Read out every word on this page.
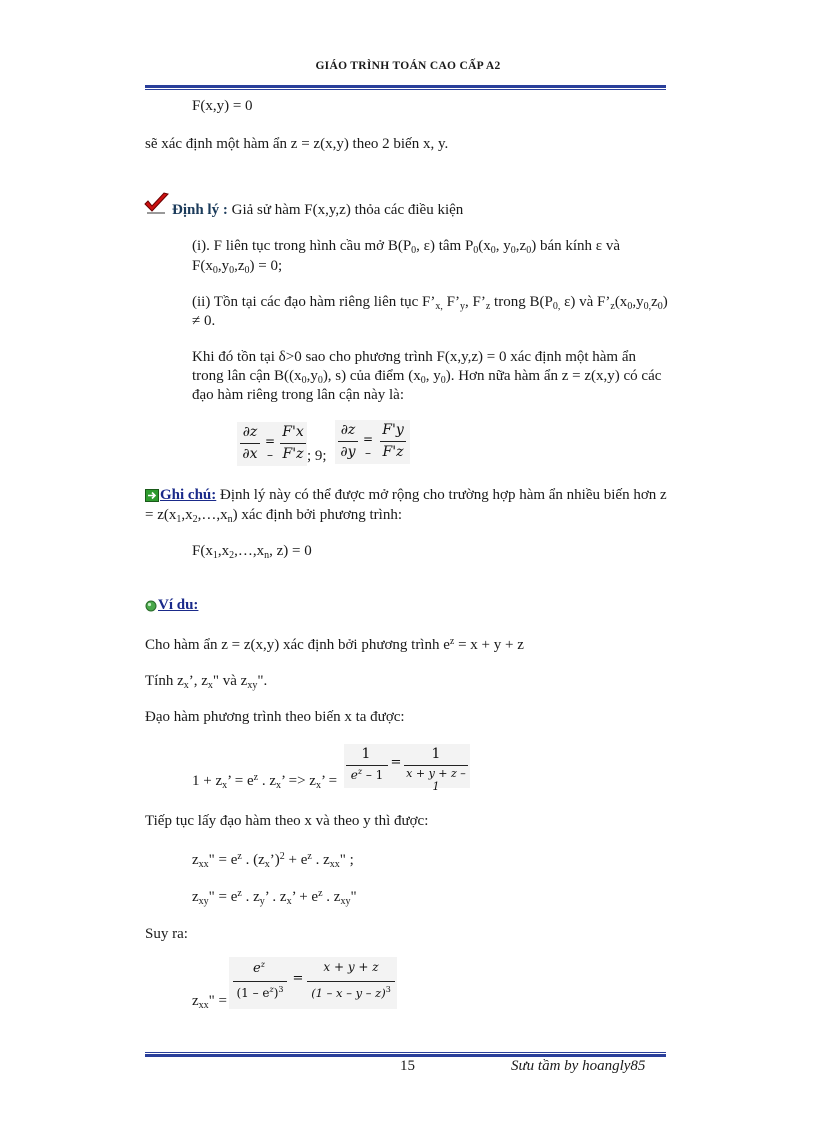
GIÁO TRÌNH TOÁN CAO CẤP A2
F(x,y) = 0
sẽ xác định một hàm ẩn z = z(x,y) theo 2 biến x, y.
Định lý : Giả sử hàm F(x,y,z) thỏa các điều kiện
(i). F liên tục trong hình cầu mở $B(P_0$, ε) tâm $P_0(x_0$, $y_0,z_0$) bán kính ε và
$F(x_0,y_0,z_0) = 0$;
(ii) Tồn tại các đạo hàm riêng liên tục $F’_{x,}$ $F’_y$, $F’_z$ trong $B(P_{0,}$ ε) và $F’_z(x_0,y_{0,}z_0)$
≠ 0.
Khi đó tồn tại δ>0 sao cho phương trình F(x,y,z) = 0 xác định một hàm ẩn
trong lân cận $B((x_0,y_0)$, s) của điểm ($x_0$, $y_0$). Hơn nữa hàm ẩn z = z(x,y) có các
đạo hàm riêng trong lân cận này là:
∂z
∂x
= –
F'x
F'z ; 9;
∂z
∂y
= –
F'y
F'z
Ghi chú: Định lý này có thể được mở rộng cho trường hợp hàm ẩn nhiều biến hơn z
= $z(x_1,x_2,\dots,x_n)$ xác định bởi phương trình:
$F(x_1,x_2,\dots,x_n$, z) = 0
Ví du:
Cho hàm ẩn z = z(x,y) xác định bởi phương trình $e^z = x + y + z$
Tính $z_x$’, $z_x$" và $z_{xy}$".
Đạo hàm phương trình theo biến x ta được:
$1 + z_x$’ = $e^z$ . $z_x$’ => $z_x$’ =
1
$e^z - 1$
=
1
x + y + z – 1
Tiếp tục lấy đạo hàm theo x và theo y thì được:
$z_{xx}$" = $e^z$ . $(z_x’)^2 + e^z$ . $z_{xx}$" ;
$z_{xy}$" = $e^z$ . $z_y$’ . $z_x$’ + $e^z$ . $z_{xy}$"
Suy ra:
$z_{xx}$" =
$e^z$
$(1 - e^z)^3$
=
x + y + z
(1 – x – y – z)$^3$
15	Sưu tầm by hoangly85
